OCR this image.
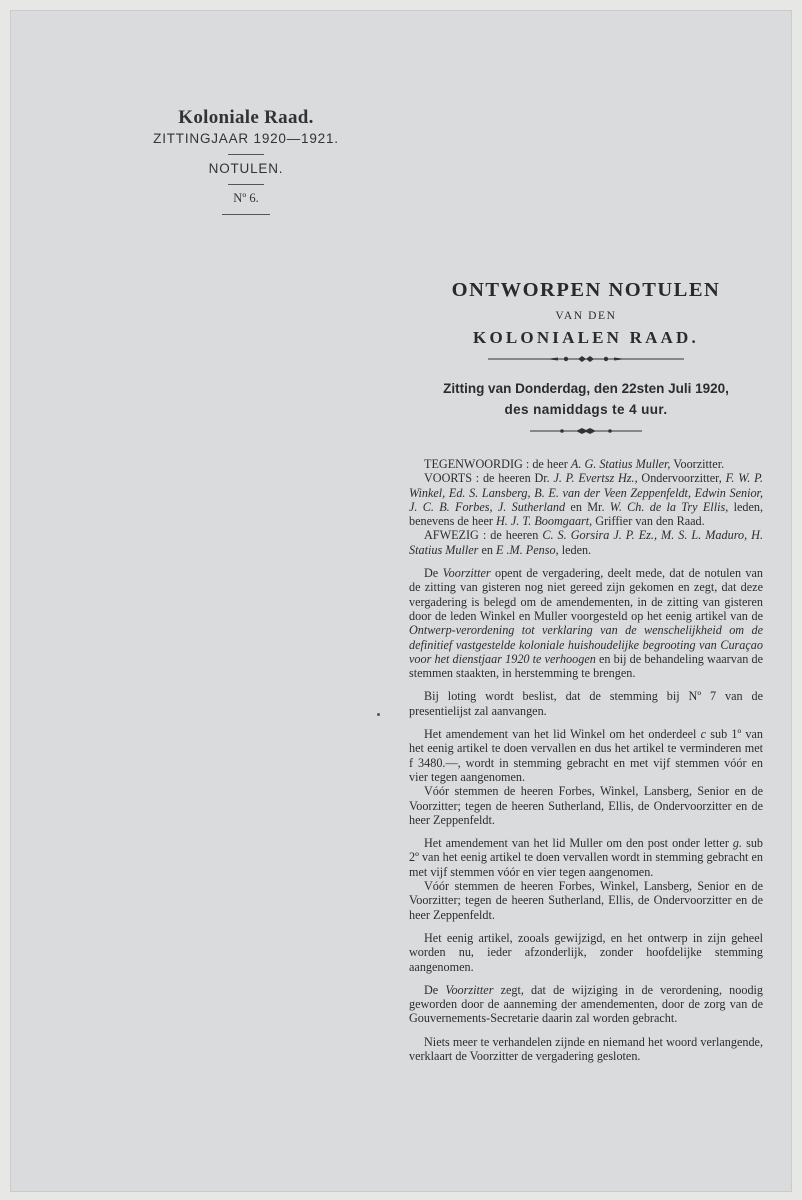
Koloniale Raad.
ZITTINGJAAR 1920—1921.
NOTULEN.
Nº 6.
ONTWORPEN NOTULEN
VAN DEN
KOLONIALEN RAAD.
Zitting van Donderdag, den 22sten Juli 1920,
des namiddags te 4 uur.

TEGENWOORDIG : de heer A. G. Statius Muller, Voorzitter.

VOORTS : de heeren Dr. J. P. Evertsz Hz., Ondervoorzitter, F. W. P. Winkel, Ed. S. Lansberg, B. E. van der Veen Zeppenfeldt, Edwin Senior, J. C. B. Forbes, J. Sutherland en Mr. W. Ch. de la Try Ellis, leden, benevens de heer H. J. T. Boomgaart, Griffier van den Raad.

AFWEZIG : de heeren C. S. Gorsira J. P. Ez., M. S. L. Maduro, H. Statius Muller en E .M. Penso, leden.

De Voorzitter opent de vergadering, deelt mede, dat de notulen van de zitting van gisteren nog niet gereed zijn gekomen en zegt, dat deze vergadering is belegd om de amendementen, in de zitting van gisteren door de leden Winkel en Muller voorgesteld op het eenig artikel van de Ontwerp-verordening tot verklaring van de wenschelijkheid om de definitief vastgestelde koloniale huishoudelijke begrooting van Curaçao voor het dienstjaar 1920 te verhoogen en bij de behandeling waarvan de stemmen staakten, in herstemming te brengen.

Bij loting wordt beslist, dat de stemming bij Nº 7 van de presentielijst zal aanvangen.

Het amendement van het lid Winkel om het onderdeel c sub 1º van het eenig artikel te doen vervallen en dus het artikel te verminderen met f 3480.—, wordt in stemming gebracht en met vijf stemmen vóór en vier tegen aangenomen.

Vóór stemmen de heeren Forbes, Winkel, Lansberg, Senior en de Voorzitter; tegen de heeren Sutherland, Ellis, de Ondervoorzitter en de heer Zeppenfeldt.

Het amendement van het lid Muller om den post onder letter g. sub 2º van het eenig artikel te doen vervallen wordt in stemming gebracht en met vijf stemmen vóór en vier tegen aangenomen.

Vóór stemmen de heeren Forbes, Winkel, Lansberg, Senior en de Voorzitter; tegen de heeren Sutherland, Ellis, de Ondervoorzitter en de heer Zeppenfeldt.

Het eenig artikel, zooals gewijzigd, en het ontwerp in zijn geheel worden nu, ieder afzonderlijk, zonder hoofdelijke stemming aangenomen.

De Voorzitter zegt, dat de wijziging in de verordening, noodig geworden door de aanneming der amendementen, door de zorg van de Gouvernements-Secretarie daarin zal worden gebracht.

Niets meer te verhandelen zijnde en niemand het woord verlangende, verklaart de Voorzitter de vergadering gesloten.
